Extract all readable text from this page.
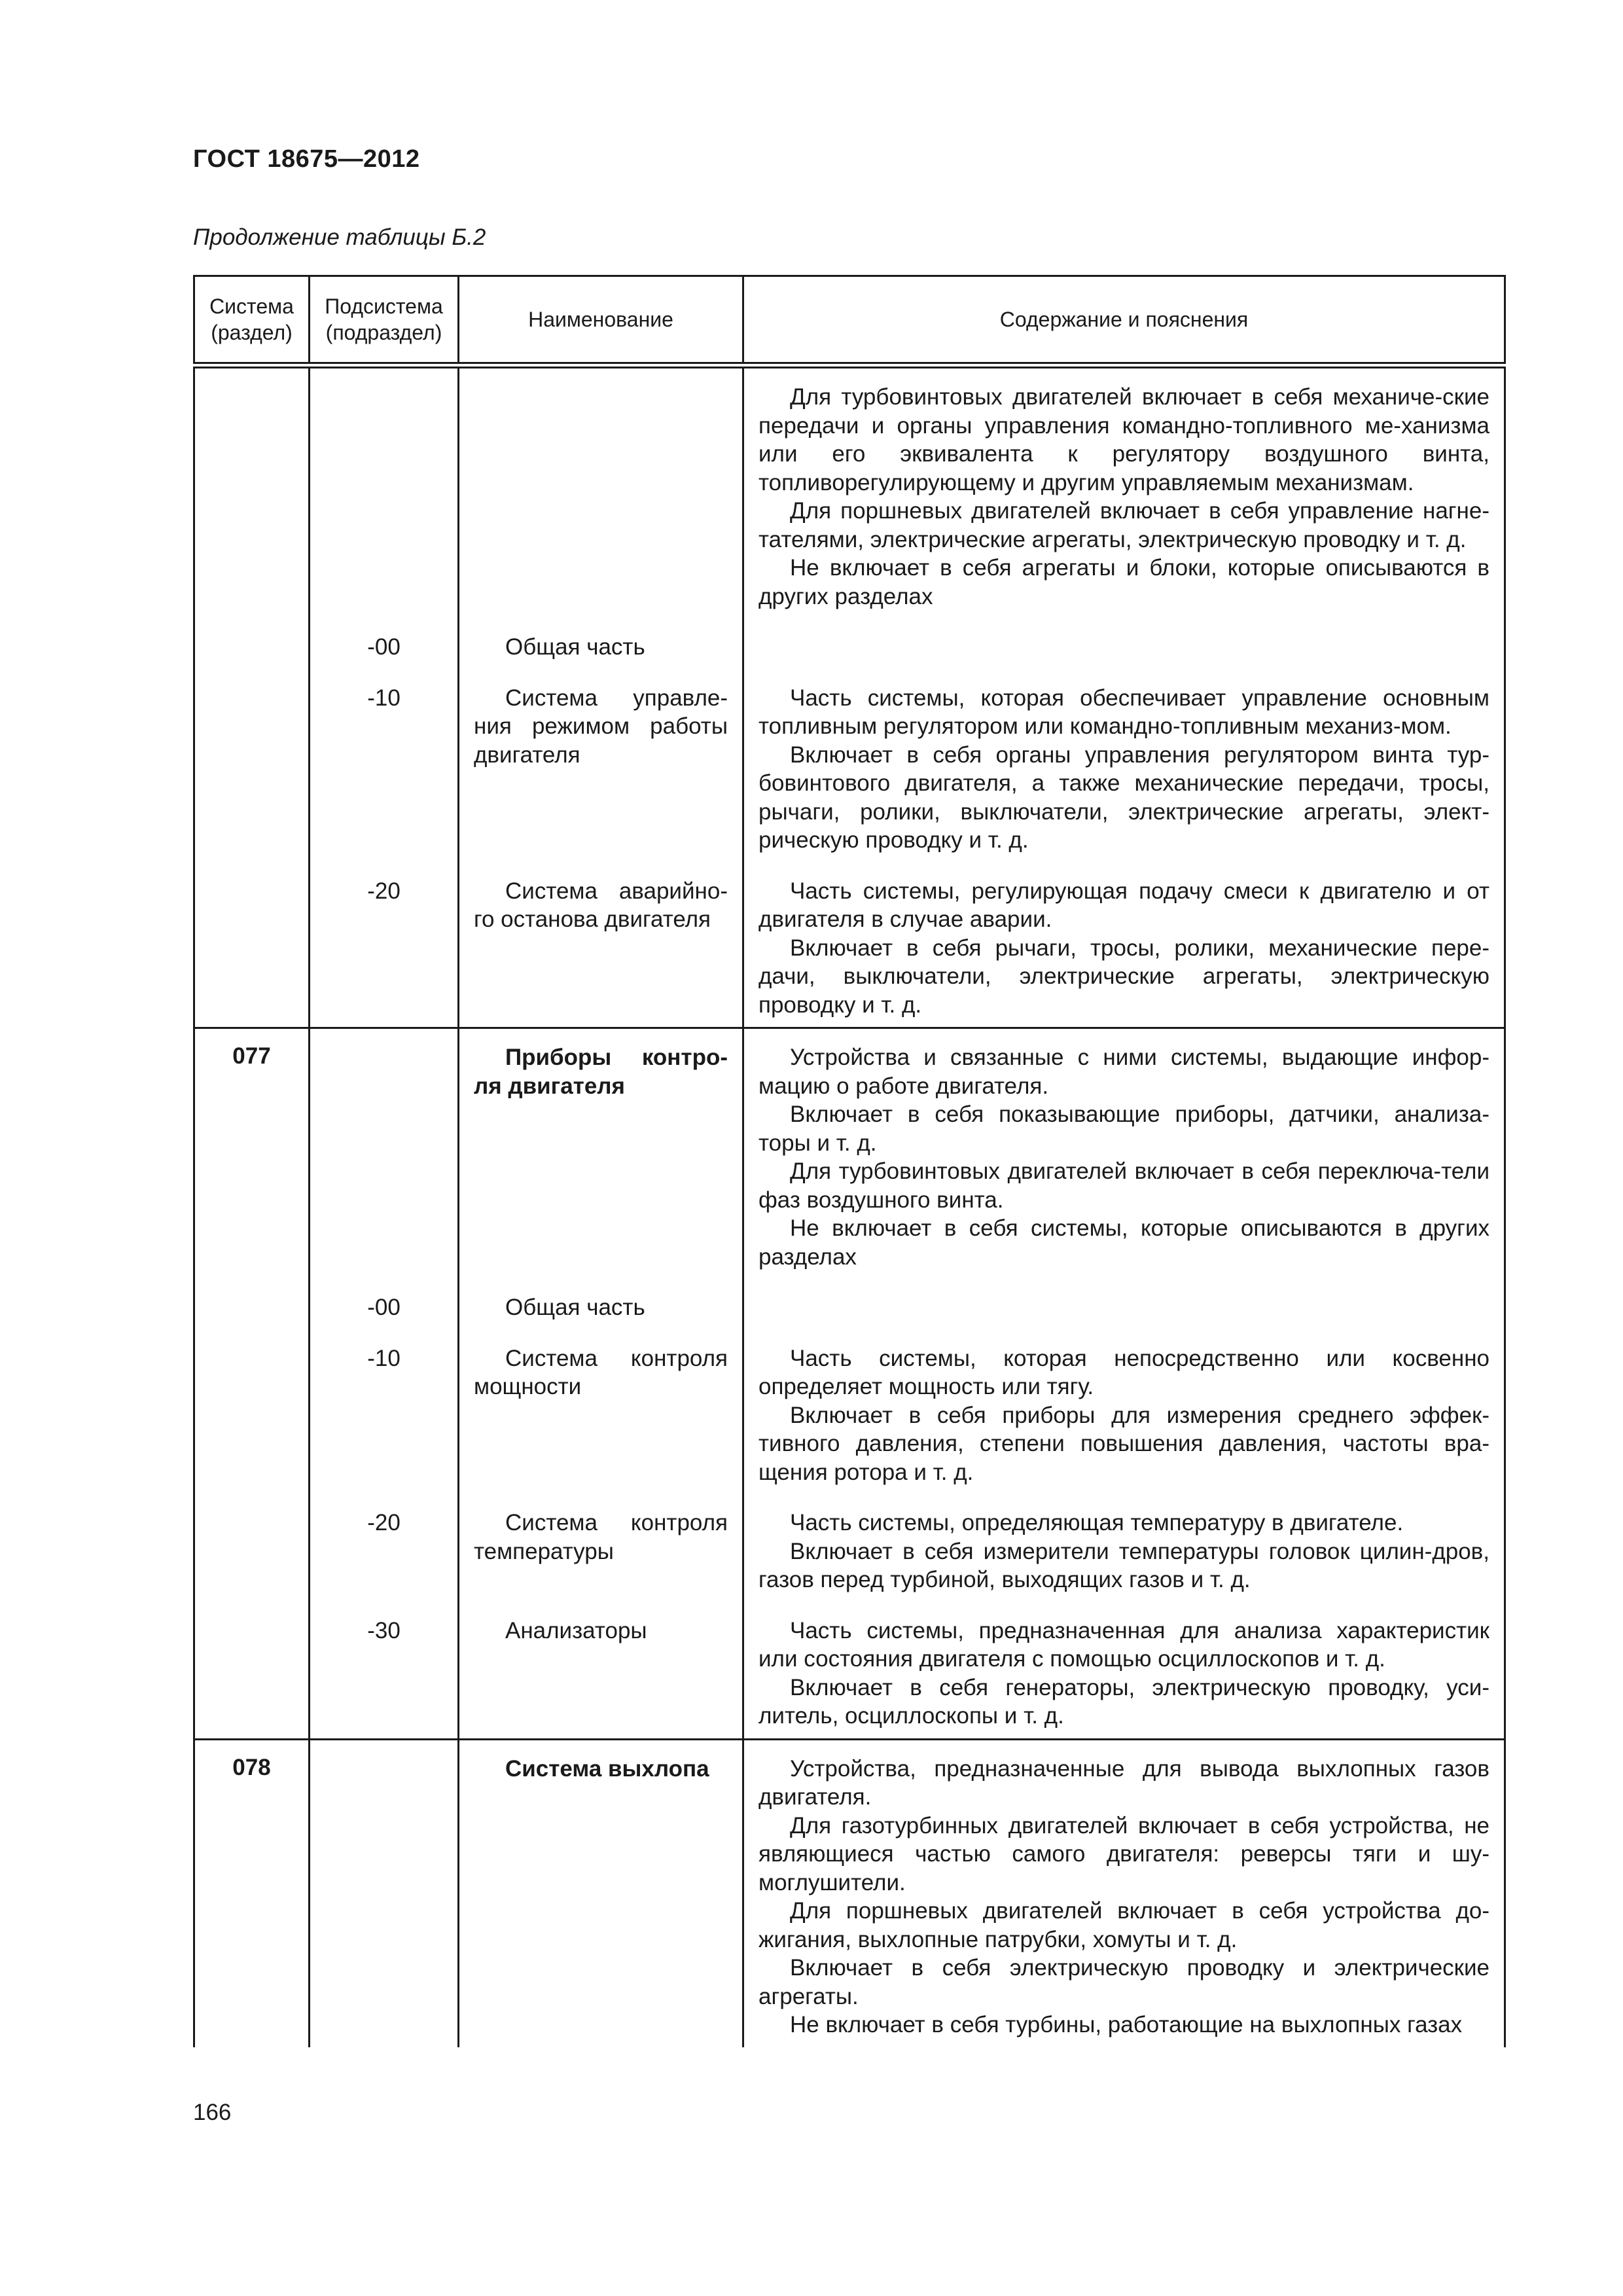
ГОСТ 18675—2012
Продолжение таблицы Б.2
Система (раздел)	Подсистема (подраздел)	Наименование	Содержание и пояснения

			Для турбовинтовых двигателей включает в себя механиче-ские передачи и органы управления командно-топливного ме-ханизма или его эквивалента к регулятору воздушного винта, топливорегулирующему и другим управляемым механизмам.
Для поршневых двигателей включает в себя управление нагне-тателями, электрические агрегаты, электрическую проводку и т. д.
Не включает в себя агрегаты и блоки, которые описываются в других разделах

	-00	Общая часть	

	-10	Система управле-ния режимом работы двигателя	Часть системы, которая обеспечивает управление основным топливным регулятором или командно-топливным механиз-мом.
Включает в себя органы управления регулятором винта тур-бовинтового двигателя, а также механические передачи, тросы, рычаги, ролики, выключатели, электрические агрегаты, элект-рическую проводку и т. д.

	-20	Система аварийно-го останова двигателя	Часть системы, регулирующая подачу смеси к двигателю и от двигателя в случае аварии.
Включает в себя рычаги, тросы, ролики, механические пере-дачи, выключатели, электрические агрегаты, электрическую проводку и т. д.

077		Приборы контро-ля двигателя	Устройства и связанные с ними системы, выдающие инфор-мацию о работе двигателя.
Включает в себя показывающие приборы, датчики, анализа-торы и т. д.
Для турбовинтовых двигателей включает в себя переключа-тели фаз воздушного винта.
Не включает в себя системы, которые описываются в других разделах

	-00	Общая часть	

	-10	Система контроля мощности	Часть системы, которая непосредственно или косвенно определяет мощность или тягу.
Включает в себя приборы для измерения среднего эффек-тивного давления, степени повышения давления, частоты вра-щения ротора и т. д.

	-20	Система контроля температуры	Часть системы, определяющая температуру в двигателе.
Включает в себя измерители температуры головок цилин-дров, газов перед турбиной, выходящих газов и т. д.

	-30	Анализаторы	Часть системы, предназначенная для анализа характеристик или состояния двигателя с помощью осциллоскопов и т. д.
Включает в себя генераторы, электрическую проводку, уси-литель, осциллоскопы и т. д.

078		Система выхлопа	Устройства, предназначенные для вывода выхлопных газов двигателя.
Для газотурбинных двигателей включает в себя устройства, не являющиеся частью самого двигателя: реверсы тяги и шу-моглушители.
Для поршневых двигателей включает в себя устройства до-жигания, выхлопные патрубки, хомуты и т. д.
Включает в себя электрическую проводку и электрические агрегаты.
Не включает в себя турбины, работающие на выхлопных газах
166
